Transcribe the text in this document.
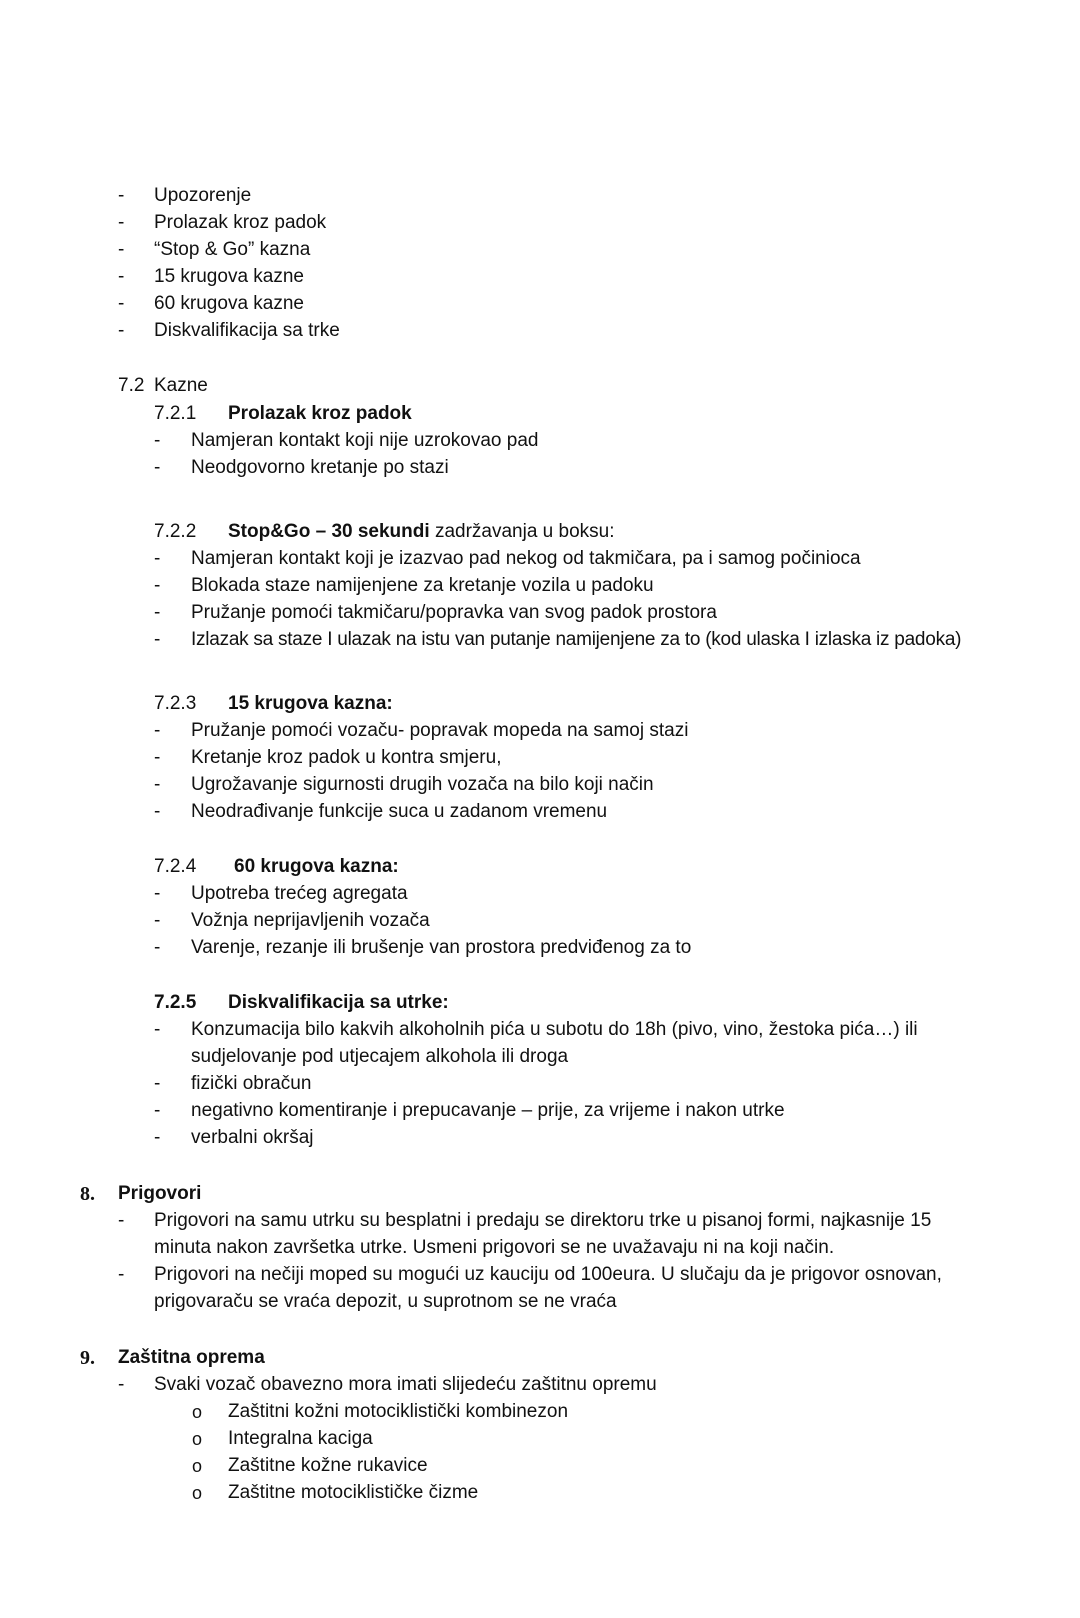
-	Upozorenje
-	Prolazak kroz padok
-	“Stop & Go” kazna
-	15 krugova kazne
-	60 krugova kazne
-	Diskvalifikacija sa trke
7.2 Kazne
7.2.1 Prolazak kroz padok
-	Namjeran kontakt koji nije uzrokovao pad
-	Neodgovorno kretanje po stazi
7.2.2 Stop&Go – 30 sekundi zadržavanja u boksu:
-	Namjeran kontakt koji je izazvao pad nekog od takmičara, pa i samog počinioca
-	Blokada staze namijenjene za kretanje vozila u padoku
-	Pružanje pomoći takmičaru/popravka van svog padok prostora
-	Izlazak sa staze I ulazak na istu van putanje namijenjene za to (kod ulaska I izlaska iz padoka)
7.2.3 15 krugova kazna:
-	Pružanje pomoći vozaču- popravak mopeda na samoj stazi
-	Kretanje kroz padok u kontra smjeru,
-	Ugrožavanje sigurnosti drugih vozača na bilo koji način
-	Neodrađivanje funkcije suca u zadanom vremenu
7.2.4 60 krugova kazna:
-	Upotreba trećeg agregata
-	Vožnja neprijavljenih vozača
-	Varenje, rezanje ili brušenje van prostora predviđenog za to
7.2.5 Diskvalifikacija sa utrke:
-	Konzumacija bilo kakvih alkoholnih pića u subotu do 18h (pivo, vino, žestoka pića…) ili
sudjelovanje pod utjecajem alkohola ili droga
-	fizički obračun
-	negativno komentiranje i prepucavanje – prije, za vrijeme i nakon utrke
-	verbalni okršaj
8. Prigovori
-	Prigovori na samu utrku su besplatni i predaju se direktoru trke u pisanoj formi, najkasnije 15
minuta nakon završetka utrke. Usmeni prigovori se ne uvažavaju ni na koji način.
-	Prigovori na nečiji moped su mogući uz kauciju od 100eura. U slučaju da je prigovor osnovan,
prigovaraču se vraća depozit, u suprotnom se ne vraća
9. Zaštitna oprema
-	Svaki vozač obavezno mora imati slijedeću zaštitnu opremu
o Zaštitni kožni motociklistički kombinezon
o Integralna kaciga
o Zaštitne kožne rukavice
o Zaštitne motociklističke čizme
